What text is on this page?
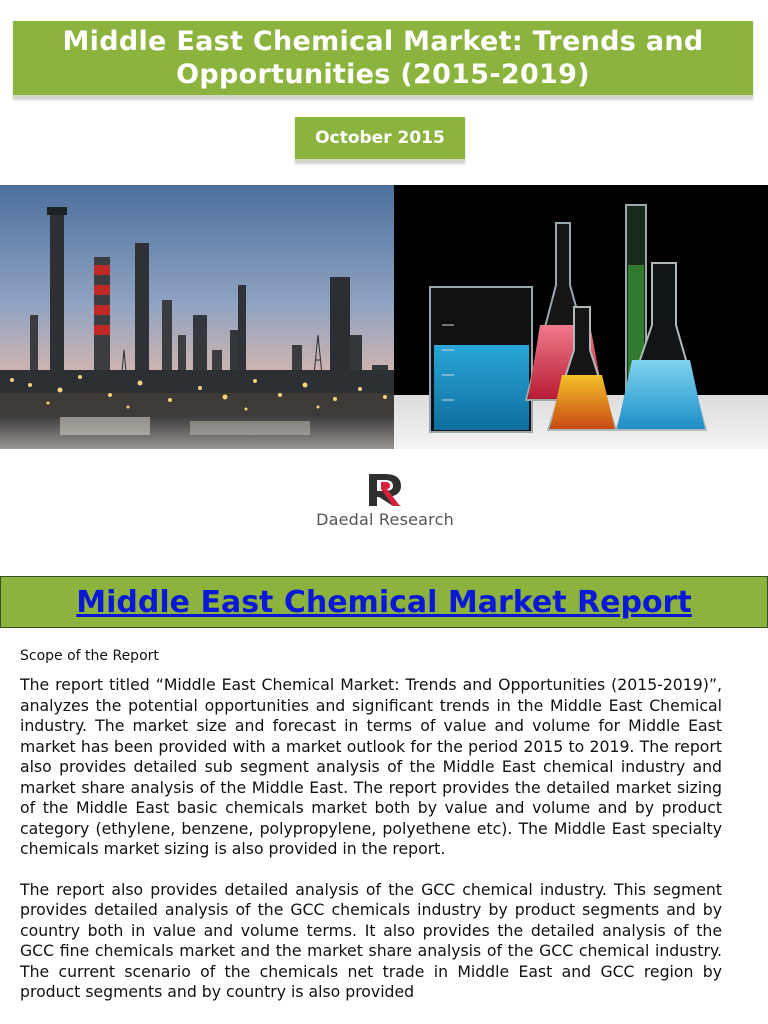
Middle East Chemical Market: Trends and
Opportunities (2015-2019)
October 2015
Daedal Research
Middle East Chemical Market Report

Scope of the Report

The report titled “Middle East Chemical Market: Trends and Opportunities (2015-2019)”, analyzes the potential opportunities and significant trends in the Middle East Chemical industry. The market size and forecast in terms of value and volume for Middle East market has been provided with a market outlook for the period 2015 to 2019. The report also provides detailed sub segment analysis of the Middle East chemical industry and market share analysis of the Middle East. The report provides the detailed market sizing of the Middle East basic chemicals market both by value and volume and by product category (ethylene, benzene, polypropylene, polyethene etc). The Middle East specialty chemicals market sizing is also provided in the report.

The report also provides detailed analysis of the GCC chemical industry. This segment provides detailed analysis of the GCC chemicals industry by product segments and by country both in value and volume terms. It also provides the detailed analysis of the GCC fine chemicals market and the market share analysis of the GCC chemical industry. The current scenario of the chemicals net trade in Middle East and GCC region by product segments and by country is also provided
